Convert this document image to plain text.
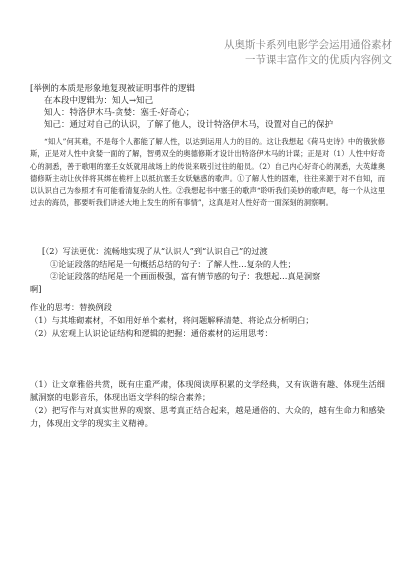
从奥斯卡系列电影学会运用通俗素材
一节课丰富作文的优质内容例文
[举例的本质是形象地复现被证明事件的逻辑
在本段中逻辑为：知人→知己
知人：特洛伊木马-贪婪：塞壬-好奇心；
知己：通过对自己的认识，了解了他人，设计特洛伊木马，设置对自己的保护
“知人”何其难，不是每个人都能了解人性，以达到运用人力的目的。这让我想起《荷马史诗》中的俄狄修斯，正是对人性中贪婪一面的了解，智勇双全的奥德修斯才设计出特洛伊木马的计谋；正是对（1）人性中好奇心的洞悉，善于歌唱的塞壬女妖就用战场上的传说来吸引过往的船员。（2）自己内心好奇心的洞悉，大英雄奥德修斯主动让伙伴将其绑在桅杆上以抵抗塞壬女妖魅惑的歌声。①了解人性的固难，往往来源于对不自知，而以认识自己为参照才有可能看清复杂的人性。②我想起书中塞壬的歌声“聆听我们美妙的歌声吧，每一个从这里过去的海员，都要听我们讲述大地上发生的所有事情”，这真是对人性好奇一面深刻的洞察啊。
[（2）写法更优：流畅地实现了从“认识人”到“认识自己”的过渡
①论证段落的结尾是一句概括总结的句子：了解人性…复杂的人性；
②论证段落的结尾是一个画面极强，富有情节感的句子：我想起…真是洞察
啊]
作业的思考：替换例段
（1）与其堆砌素材，不如用好单个素材，将问题解释清楚、将论点分析明白；
（2）从宏观上认识论证结构和逻辑的把握：通俗素材的运用思考：

（1）让文章雅俗共赏，既有庄重严肃，体现阅读厚积累的文学经典，又有诙谐有趣、体现生活细腻洞察的电影音乐，体现出语文学科的综合素养；

（2）把写作与对真实世界的观察、思考真正结合起来，越是通俗的、大众的，越有生命力和感染力，体现出文学的现实主义精神。
